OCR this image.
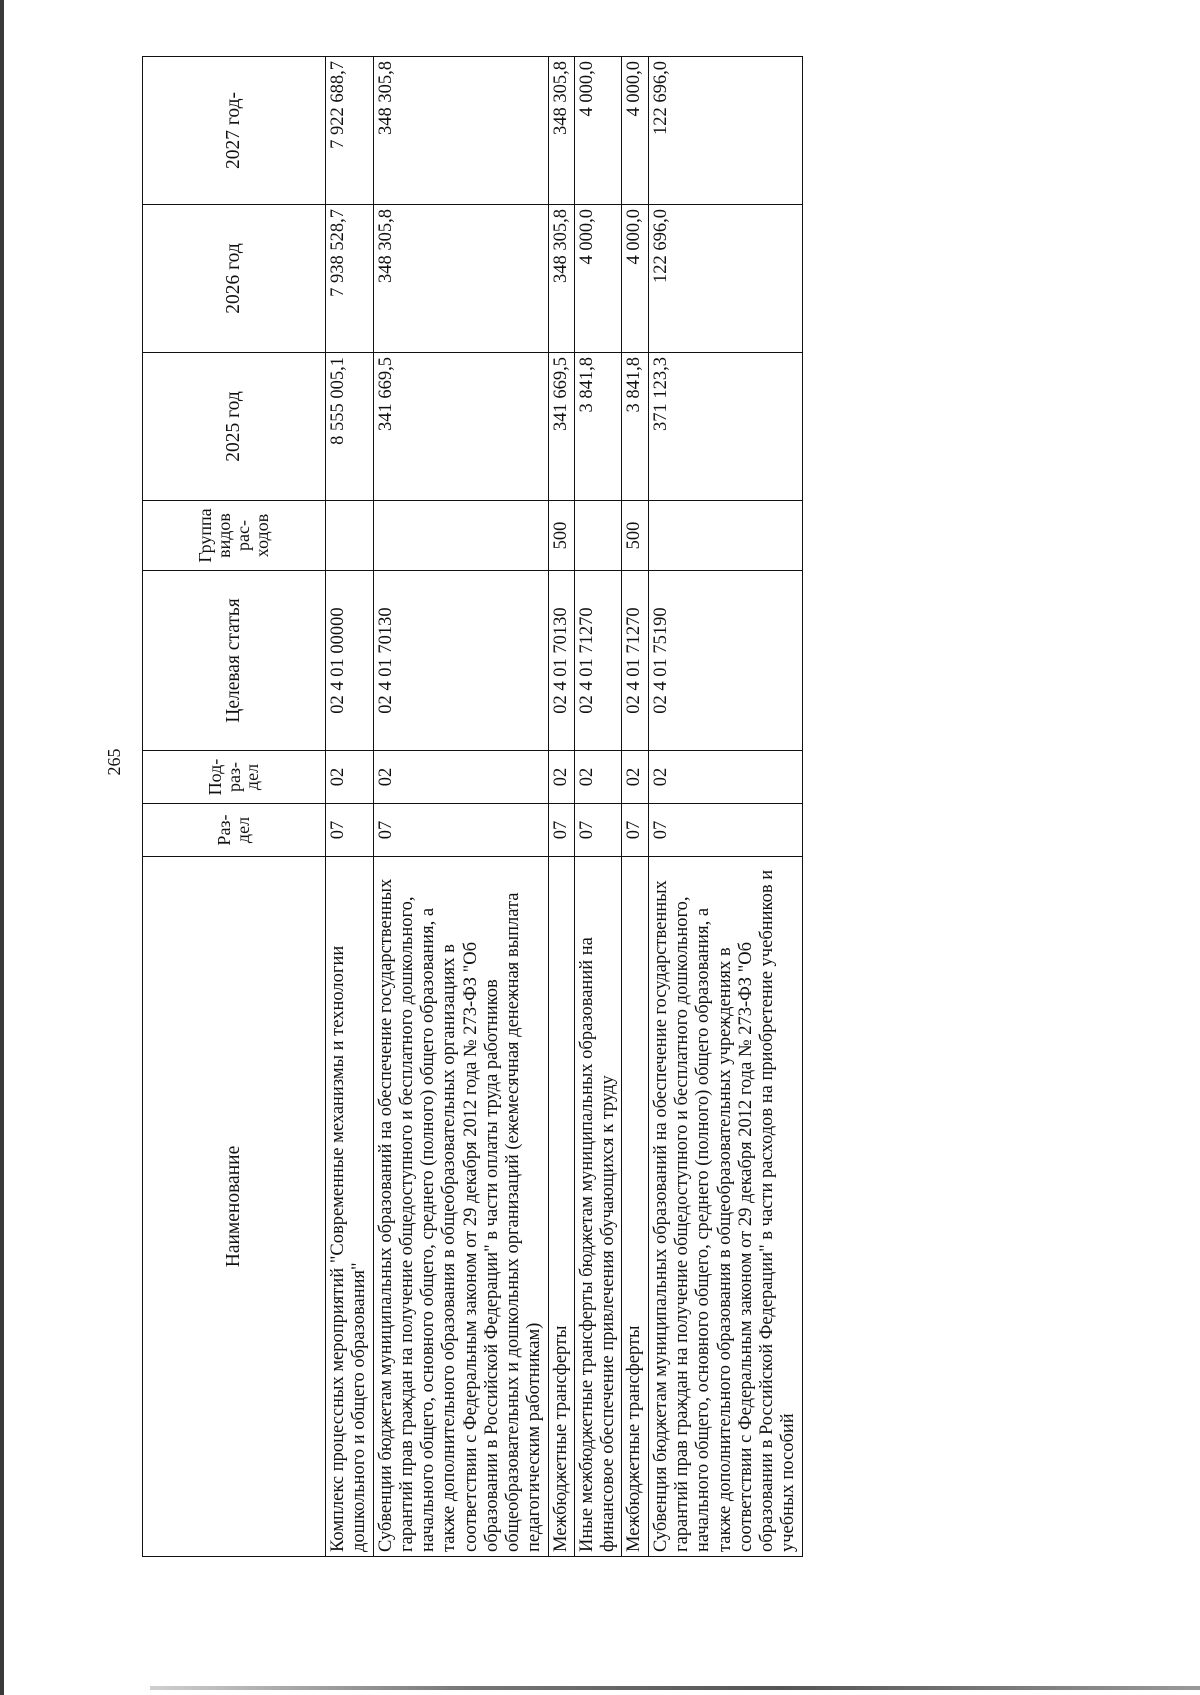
265
Наименование	Раз-дел	Под-раз-дел	Целевая статья	Группа видов рас-ходов	2025 год	2026 год	2027 год-
Комплекс процессных мероприятий "Современные механизмы и технологии дошкольного и общего образования"	07	02	02 4 01 00000		8 555 005,1	7 938 528,7	7 922 688,7
Субвенции бюджетам муниципальных образований на обеспечение государственных гарантий прав граждан на получение общедоступного и бесплатного дошкольного, начального общего, основного общего, среднего (полного) общего образования, а также дополнительного образования в общеобразовательных организациях в соответствии с Федеральным законом от 29 декабря 2012 года № 273-ФЗ "Об образовании в Российской Федерации" в части оплаты труда работников общеобразовательных и дошкольных организаций (ежемесячная денежная выплата педагогическим работникам)	07	02	02 4 01 70130		341 669,5	348 305,8	348 305,8
Межбюджетные трансферты	07	02	02 4 01 70130	500	341 669,5	348 305,8	348 305,8
Иные межбюджетные трансферты бюджетам муниципальных образований на финансовое обеспечение привлечения обучающихся к труду	07	02	02 4 01 71270		3 841,8	4 000,0	4 000,0
Межбюджетные трансферты	07	02	02 4 01 71270	500	3 841,8	4 000,0	4 000,0
Субвенция бюджетам муниципальных образований на обеспечение государственных гарантий прав граждан на получение общедоступного и бесплатного дошкольного, начального общего, основного общего, среднего (полного) общего образования, а также дополнительного образования в общеобразовательных учреждениях в соответствии с Федеральным законом от 29 декабря 2012 года № 273-ФЗ "Об образовании в Российской Федерации" в части расходов на приобретение учебников и учебных пособий	07	02	02 4 01 75190		371 123,3	122 696,0	122 696,0
